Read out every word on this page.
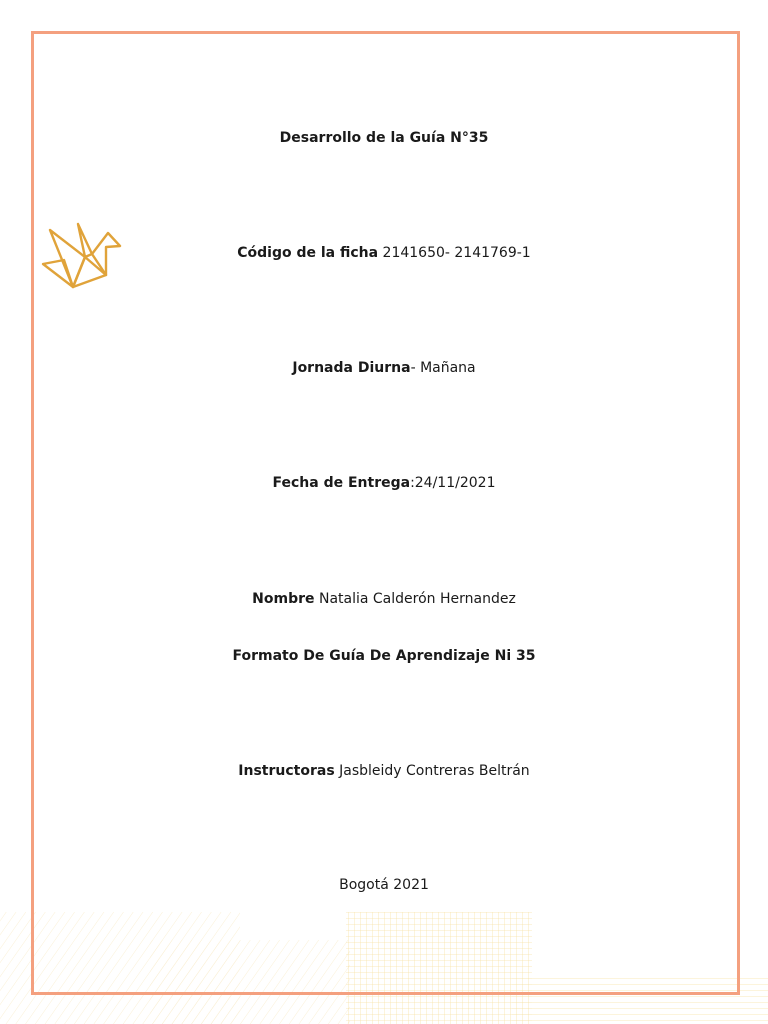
Desarrollo de la Guía N°35
Código de la ficha 2141650- 2141769-1
Jornada Diurna- Mañana
Fecha de Entrega:24/11/2021
Nombre Natalia Calderón Hernandez
Formato De Guía De Aprendizaje Ni 35
Instructoras Jasbleidy Contreras Beltrán
Bogotá 2021
